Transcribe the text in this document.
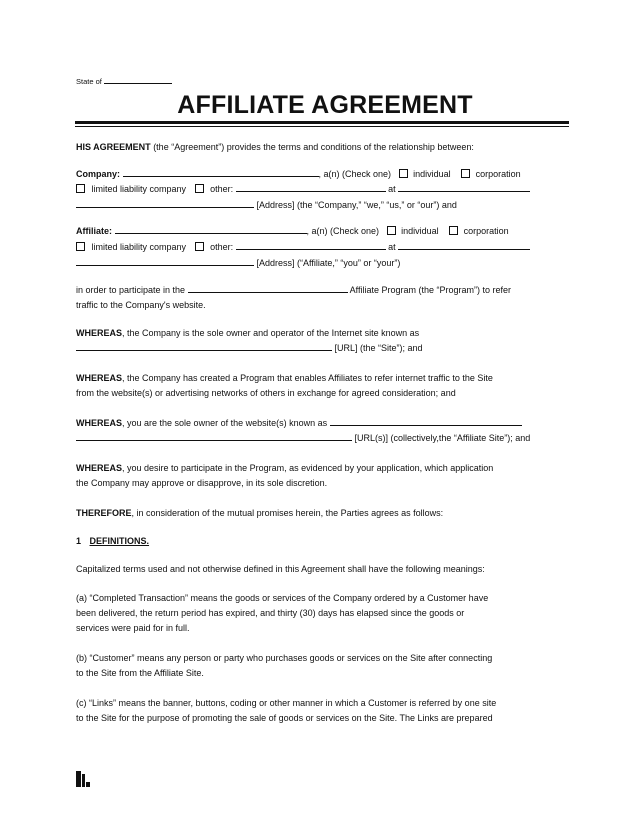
State of
AFFILIATE AGREEMENT
HIS AGREEMENT (the “Agreement”) provides the terms and conditions of the relationship between:
Company:	, a(n) (Check one) individual	corporation
limited liability company	other:	at
[Address] (the “Company,” “we,” “us,” or “our”) and
Affiliate:	, a(n) (Check one) individual	corporation
limited liability company	other:	at
[Address] (“Affiliate,” “you” or “your”)
in order to participate in the	Affiliate Program (the “Program”) to refer
traffic to the Company's website.
WHEREAS, the Company is the sole owner and operator of the Internet site known as
[URL] (the “Site”); and
WHEREAS, the Company has created a Program that enables Affiliates to refer internet traffic to the Site
from the website(s) or advertising networks of others in exchange for agreed consideration; and
WHEREAS, you are the sole owner of the website(s) known as
[URL(s)] (collectively,the “Affiliate Site”); and
WHEREAS, you desire to participate in the Program, as evidenced by your application, which application
the Company may approve or disapprove, in its sole discretion.
THEREFORE, in consideration of the mutual promises herein, the Parties agrees as follows:
1 DEFINITIONS.
Capitalized terms used and not otherwise defined in this Agreement shall have the following meanings:
(a) “Completed Transaction” means the goods or services of the Company ordered by a Customer have
been delivered, the return period has expired, and thirty (30) days has elapsed since the goods or
services were paid for in full.
(b) “Customer” means any person or party who purchases goods or services on the Site after connecting
to the Site from the Affiliate Site.
(c) “Links” means the banner, buttons, coding or other manner in which a Customer is referred by one site
to the Site for the purpose of promoting the sale of goods or services on the Site. The Links are prepared
